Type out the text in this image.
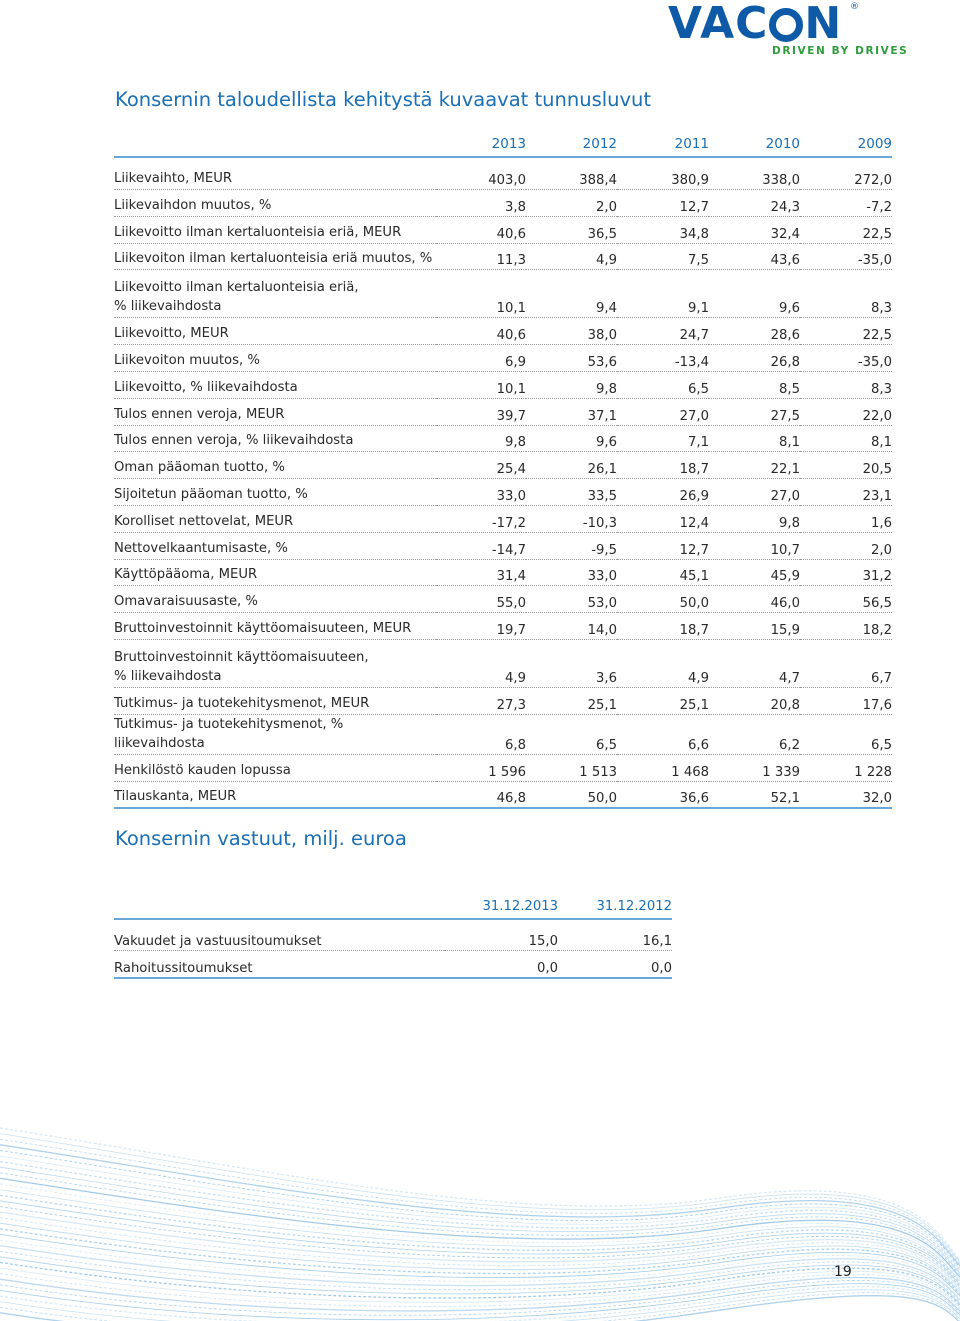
VA C N ®
DRIVEN BY DRIVES
Konsernin taloudellista kehitystä kuvaavat tunnusluvut
	2013	2012	2011	2010	2009
Liikevaihto, MEUR	403,0	388,4	380,9	338,0	272,0
Liikevaihdon muutos, %	3,8	2,0	12,7	24,3	-7,2
Liikevoitto ilman kertaluonteisia eriä, MEUR	40,6	36,5	34,8	32,4	22,5
Liikevoiton ilman kertaluonteisia eriä muutos, %	11,3	4,9	7,5	43,6	-35,0
Liikevoitto ilman kertaluonteisia eriä,
% liikevaihdosta	10,1	9,4	9,1	9,6	8,3
Liikevoitto, MEUR	40,6	38,0	24,7	28,6	22,5
Liikevoiton muutos, %	6,9	53,6	-13,4	26,8	-35,0
Liikevoitto, % liikevaihdosta	10,1	9,8	6,5	8,5	8,3
Tulos ennen veroja, MEUR	39,7	37,1	27,0	27,5	22,0
Tulos ennen veroja, % liikevaihdosta	9,8	9,6	7,1	8,1	8,1
Oman pääoman tuotto, %	25,4	26,1	18,7	22,1	20,5
Sijoitetun pääoman tuotto, %	33,0	33,5	26,9	27,0	23,1
Korolliset nettovelat, MEUR	-17,2	-10,3	12,4	9,8	1,6
Nettovelkaantumisaste, %	-14,7	-9,5	12,7	10,7	2,0
Käyttöpääoma, MEUR	31,4	33,0	45,1	45,9	31,2
Omavaraisuusaste, %	55,0	53,0	50,0	46,0	56,5
Bruttoinvestoinnit käyttöomaisuuteen, MEUR	19,7	14,0	18,7	15,9	18,2
Bruttoinvestoinnit käyttöomaisuuteen,
% liikevaihdosta	4,9	3,6	4,9	4,7	6,7
Tutkimus- ja tuotekehitysmenot, MEUR	27,3	25,1	25,1	20,8	17,6
Tutkimus- ja tuotekehitysmenot, % liikevaihdosta	6,8	6,5	6,6	6,2	6,5
Henkilöstö kauden lopussa	1 596	1 513	1 468	1 339	1 228
Tilauskanta, MEUR	46,8	50,0	36,6	52,1	32,0
Konsernin vastuut, milj. euroa
	31.12.2013	31.12.2012
Vakuudet ja vastuusitoumukset	15,0	16,1
Rahoitussitoumukset	0,0	0,0
19
